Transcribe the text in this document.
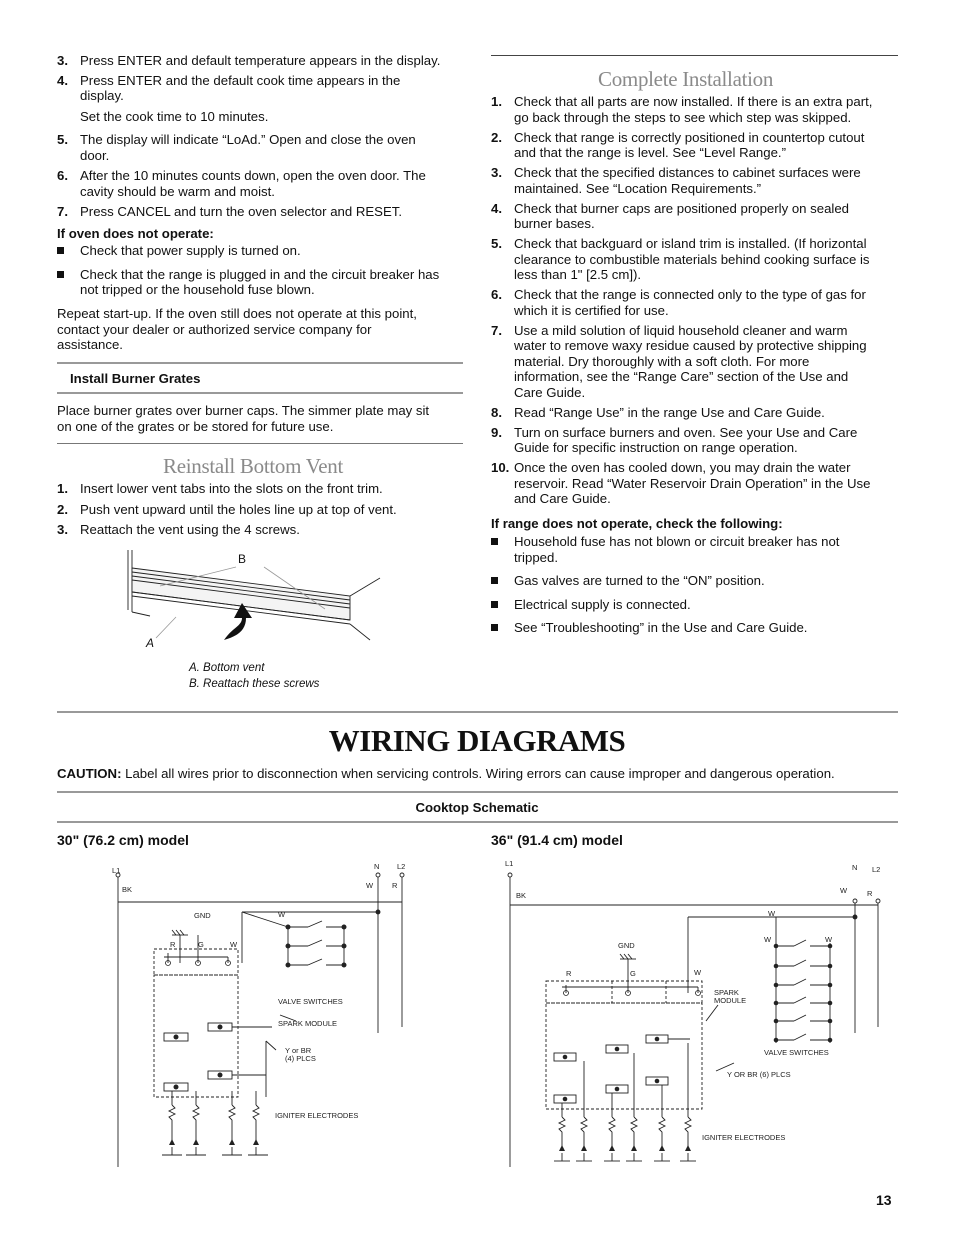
3. Press ENTER and default temperature appears in the display.
4. Press ENTER and the default cook time appears in the
display.
Set the cook time to 10 minutes.
5. The display will indicate “LoAd.” Open and close the oven
door.
6. After the 10 minutes counts down, open the oven door. The
cavity should be warm and moist.
7. Press CANCEL and turn the oven selector and RESET.
If oven does not operate:
Check that power supply is turned on.
Check that the range is plugged in and the circuit breaker has
not tripped or the household fuse blown.
Repeat start-up. If the oven still does not operate at this point,
contact your dealer or authorized service company for
assistance.
Install Burner Grates
Place burner grates over burner caps. The simmer plate may sit
on one of the grates or be stored for future use.
Reinstall Bottom Vent
1. Insert lower vent tabs into the slots on the front trim.
2. Push vent upward until the holes line up at top of vent.
3. Reattach the vent using the 4 screws.
B
A
A. Bottom vent
B. Reattach these screws
Complete Installation
1. Check that all parts are now installed. If there is an extra part,
go back through the steps to see which step was skipped.
2. Check that range is correctly positioned in countertop cutout
and that the range is level. See “Level Range.”
3. Check that the specified distances to cabinet surfaces were
maintained. See “Location Requirements.”
4. Check that burner caps are positioned properly on sealed
burner bases.
5. Check that backguard or island trim is installed. (If horizontal
clearance to combustible materials behind cooking surface is
less than 1" [2.5 cm]).
6. Check that the range is connected only to the type of gas for
which it is certified for use.
7. Use a mild solution of liquid household cleaner and warm
water to remove waxy residue caused by protective shipping
material. Dry thoroughly with a soft cloth. For more
information, see the “Range Care” section of the Use and
Care Guide.
8. Read “Range Use” in the range Use and Care Guide.
9. Turn on surface burners and oven. See your Use and Care
Guide for specific instruction on range operation.
10. Once the oven has cooled down, you may drain the water
reservoir. Read “Water Reservoir Drain Operation” in the Use
and Care Guide.
If range does not operate, check the following:
Household fuse has not blown or circuit breaker has not
tripped.
Gas valves are turned to the “ON” position.
Electrical supply is connected.
See “Troubleshooting” in the Use and Care Guide.
WIRING DIAGRAMS
CAUTION: Label all wires prior to disconnection when servicing controls. Wiring errors can cause improper and dangerous operation.
Cooktop Schematic
30" (76.2 cm) model	36" (91.4 cm) model
L1
BK
N L2
W	R
GND
R	G	W
W
VALVE SWITCHES
SPARK MODULE
Y or BR
(4) PLCS
IGNITER ELECTRODES
L1
BK
N L2
W	R
W
W	W
GND
R	G	W
SPARK
MODULE
VALVE SWITCHES
Y OR BR (6) PLCS
IGNITER ELECTRODES
13
